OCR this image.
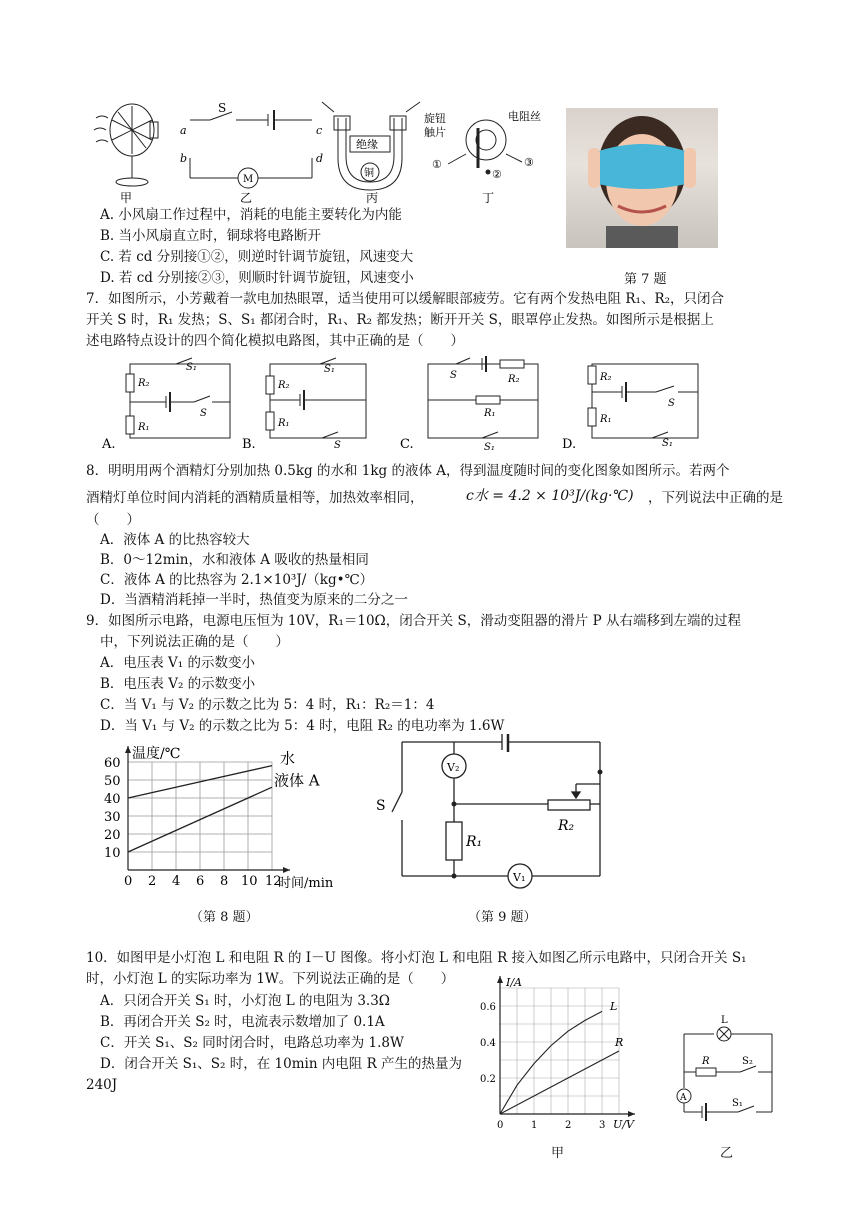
甲
S
a
b
c
d
M
乙
绝缘
铜
丙
旋钮
触片
电阻丝
①
②
③
丁
A. 小风扇工作过程中，消耗的电能主要转化为内能
B. 当小风扇直立时，铜球将电路断开
C. 若 cd 分别接①②，则逆时针调节旋钮，风速变大
D. 若 cd 分别接②③，则顺时针调节旋钮，风速变小	第 7 题
7．如图所示，小芳戴着一款电加热眼罩，适当使用可以缓解眼部疲劳。它有两个发热电阻 R₁、R₂，只闭合
开关 S 时，R₁ 发热；S、S₁ 都闭合时，R₁、R₂ 都发热；断开开关 S，眼罩停止发热。如图所示是根据上
述电路特点设计的四个简化模拟电路图，其中正确的是（　　）
R₂
R₁
S₁
S
R₂
R₁
S₁
S
S	R₂
R₁
S₁
R₂
R₁
S
S₁
A.	B.	C.	D.
8．明明用两个酒精灯分别加热 0.5kg 的水和 1kg 的液体 A，得到温度随时间的变化图象如图所示。若两个
酒精灯单位时间内消耗的酒精质量相等，加热效率相同，	c水 = 4.2 × 10³J/(kg·℃) ，下列说法中正确的是
（　　）
A．液体 A 的比热容较大
B．0～12min，水和液体 A 吸收的热量相同
C．液体 A 的比热容为 2.1×10³J/（kg•℃）
D．当酒精消耗掉一半时，热值变为原来的二分之一
9．如图所示电路，电源电压恒为 10V，R₁＝10Ω，闭合开关 S，滑动变阻器的滑片 P 从右端移到左端的过程
中，下列说法正确的是（　　）
A．电压表 V₁ 的示数变小
B．电压表 V₂ 的示数变小
C．当 V₁ 与 V₂ 的示数之比为 5：4 时，R₁：R₂＝1：4
D．当 V₁ 与 V₂ 的示数之比为 5：4 时，电阻 R₂ 的电功率为 1.6W
0 2 4 6 8 10 12
10
20
30
40
50
60
温度/℃
时间/min
水
液体 A
（第 8 题）
S
V₂
V₁
R₁
R₂
（第 9 题）
10．如图甲是小灯泡 L 和电阻 R 的 I－U 图像。将小灯泡 L 和电阻 R 接入如图乙所示电路中，只闭合开关 S₁
时，小灯泡 L 的实际功率为 1W。下列说法正确的是（　　）
A．只闭合开关 S₁ 时，小灯泡 L 的电阻为 3.3Ω
B．再闭合开关 S₂ 时，电流表示数增加了 0.1A
C．开关 S₁、S₂ 同时闭合时，电路总功率为 1.8W
D．闭合开关 S₁、S₂ 时，在 10min 内电阻 R 产生的热量为
240J
0	1	2	3
0.2
0.4
0.6
I/A
U/V
L
R
甲
L
R	S₂
A	S₁
乙
